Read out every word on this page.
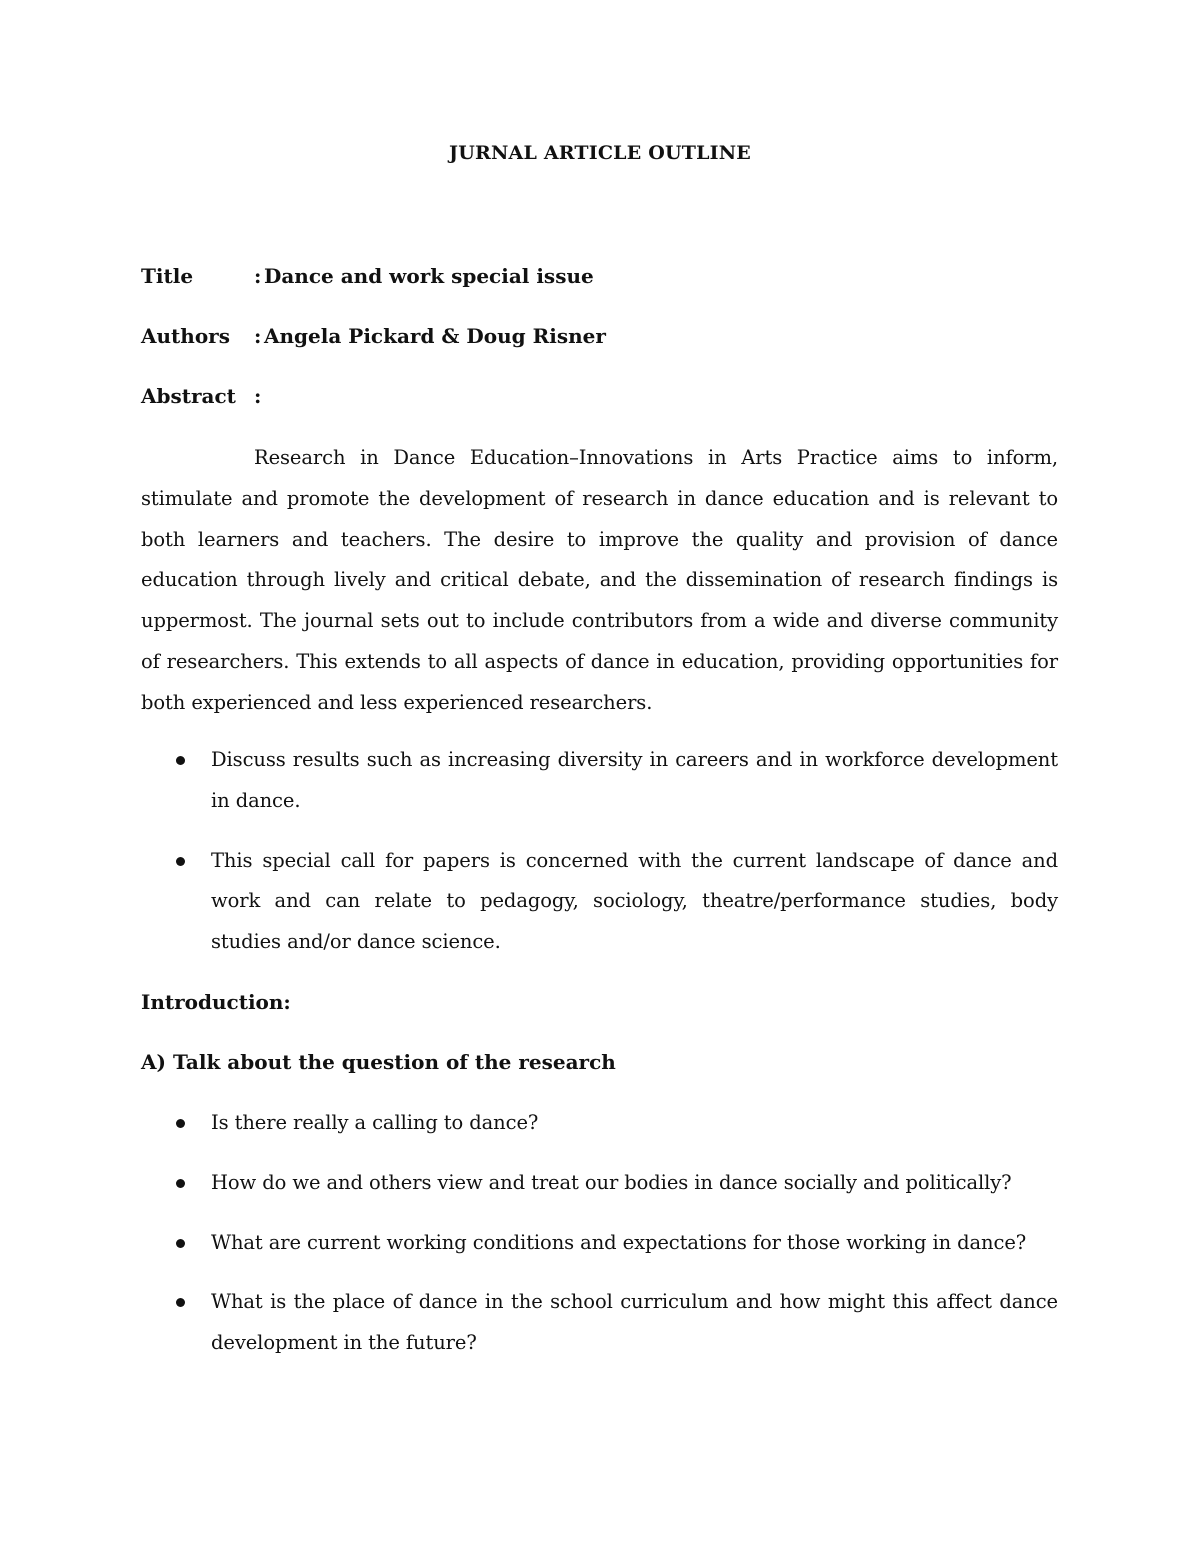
JURNAL ARTICLE OUTLINE
Title	: Dance and work special issue
Authors : Angela Pickard & Doug Risner
Abstract :

Research in Dance Education–Innovations in Arts Practice aims to inform, stimulate and promote the development of research in dance education and is relevant to both learners and teachers. The desire to improve the quality and provision of dance education through lively and critical debate, and the dissemination of research findings is uppermost. The journal sets out to include contributors from a wide and diverse community of researchers. This extends to all aspects of dance in education, providing opportunities for both experienced and less experienced researchers.

Discuss results such as increasing diversity in careers and in workforce development in dance.
This special call for papers is concerned with the current landscape of dance and work and can relate to pedagogy, sociology, theatre/performance studies, body studies and/or dance science.
Introduction:
A) Talk about the question of the research
Is there really a calling to dance?
How do we and others view and treat our bodies in dance socially and politically?
What are current working conditions and expectations for those working in dance?
What is the place of dance in the school curriculum and how might this affect dance development in the future?
